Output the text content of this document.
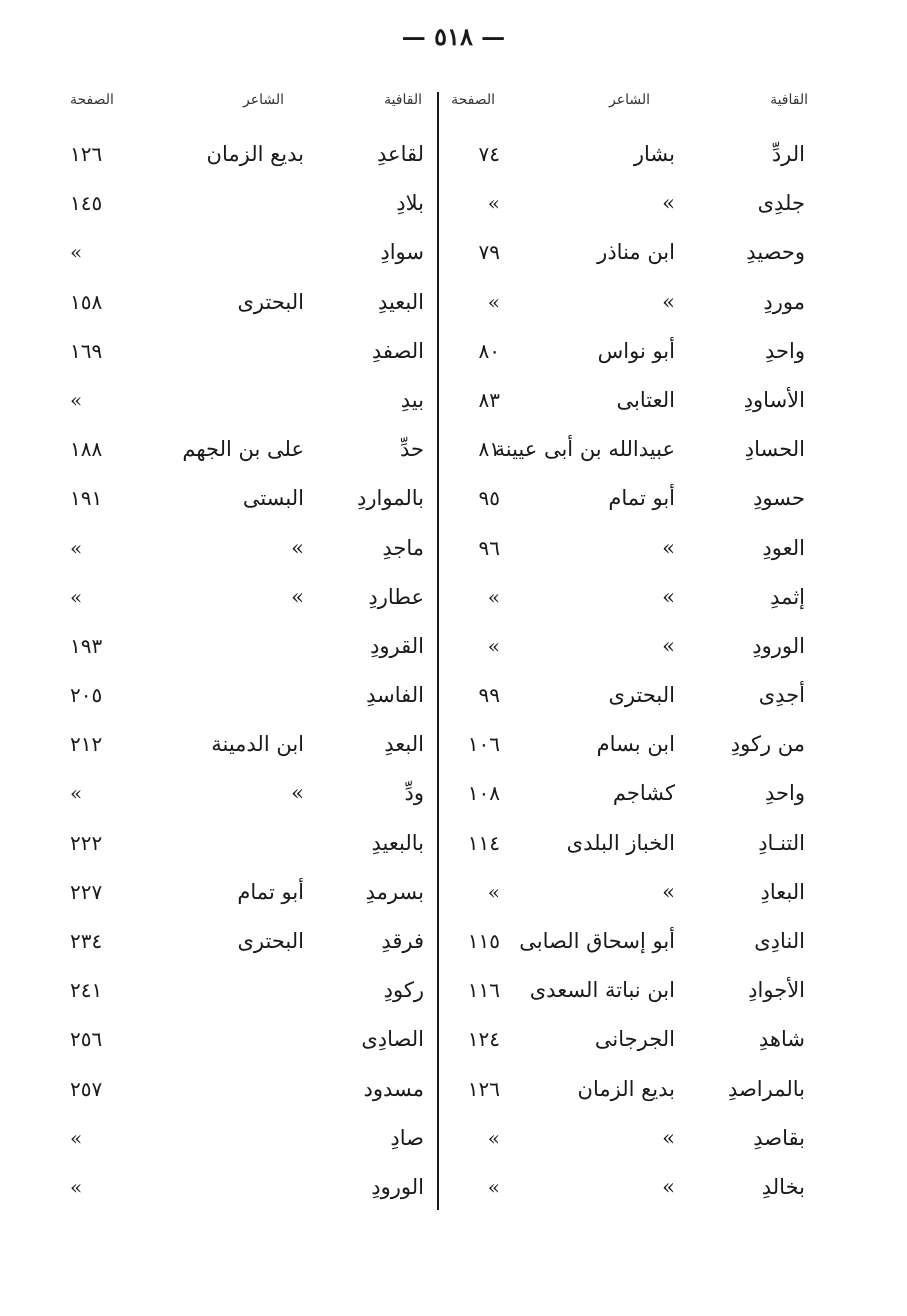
— ٥١٨ —
القافية
الشاعر
الصفحة
الردِّ
بشار
٧٤
جلدِى
»
»
وحصيدِ
ابن مناذر
٧٩
موردِ
»
»
واحدِ
أبو نواس
٨٠
الأساودِ
العتابى
٨٣
الحسادِ
عبيدالله بن أبى عيينة
٨١
حسودِ
أبو تمام
٩٥
العودِ
»
٩٦
إثمدِ
»
»
الورودِ
»
»
أجدِى
البحترى
٩٩
من ركودِ
ابن بسام
١٠٦
واحدِ
كشاجم
١٠٨
التنـادِ
الخباز البلدى
١١٤
البعادِ
»
»
النادِى
أبو إسحاق الصابى
١١٥
الأجوادِ
ابن نباتة السعدى
١١٦
شاهدِ
الجرجانى
١٢٤
بالمراصدِ
بديع الزمان
١٢٦
بقاصدِ
»
»
بخالدِ
»
»
القافية
الشاعر
الصفحة
لقاعدِ
بديع الزمان
١٢٦
بلادِ
١٤٥
سوادِ
»
البعيدِ
البحترى
١٥٨
الصفدِ
١٦٩
بيدِ
»
حدِّ
على بن الجهم
١٨٨
بالمواردِ
البستى
١٩١
ماجدِ
»
»
عطاردِ
»
»
القرودِ
١٩٣
الفاسدِ
٢٠٥
البعدِ
ابن الدمينة
٢١٢
ودِّ
»
»
بالبعيدِ
٢٢٢
بسرمدِ
أبو تمام
٢٢٧
فرقدِ
البحترى
٢٣٤
ركودِ
٢٤١
الصادِى
٢٥٦
مسدود
٢٥٧
صادِ
»
الورودِ
»
